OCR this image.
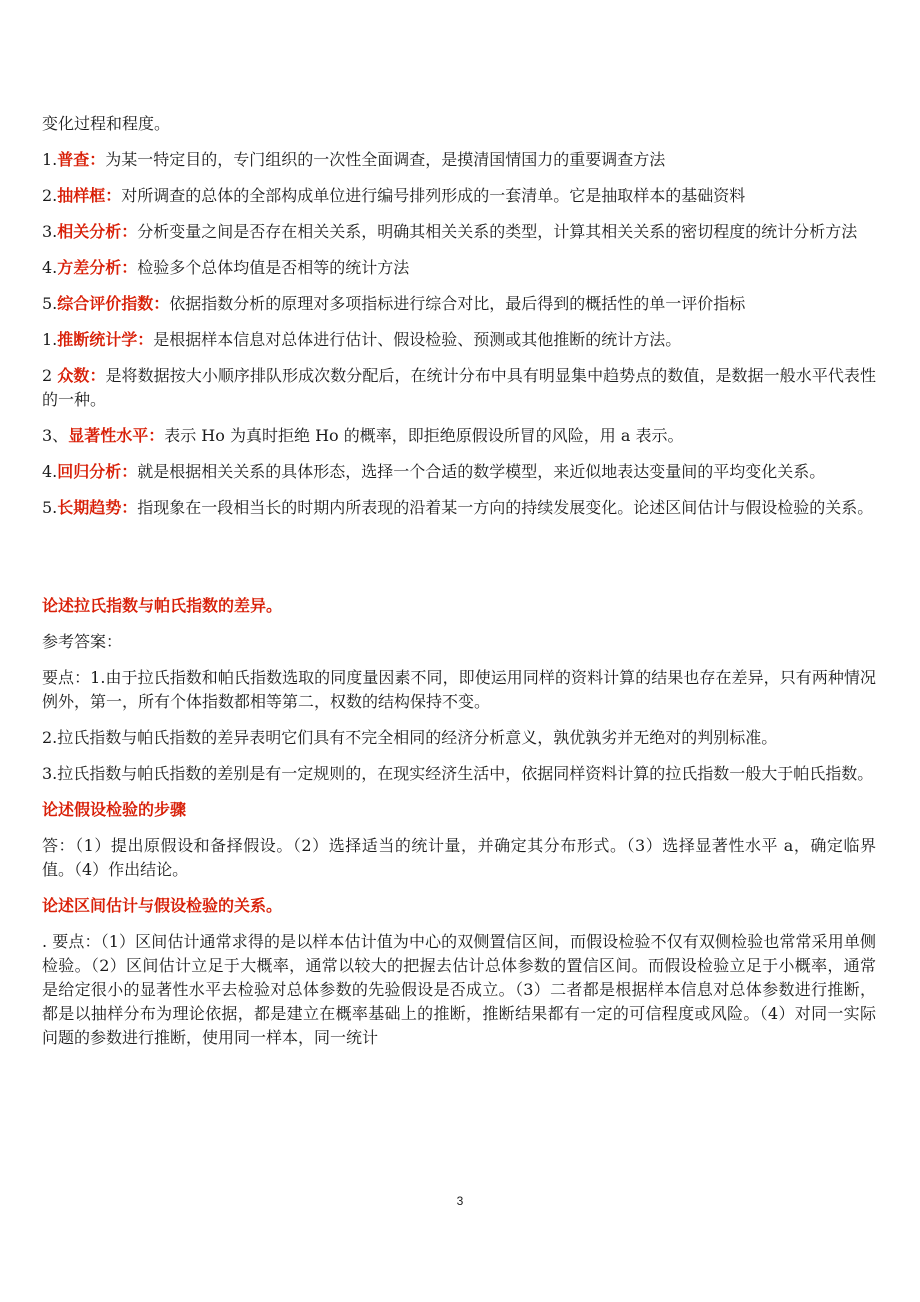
变化过程和程度。

1.普查：为某一特定目的，专门组织的一次性全面调查，是摸清国情国力的重要调查方法

2.抽样框：对所调查的总体的全部构成单位进行编号排列形成的一套清单。它是抽取样本的基础资料

3.相关分析：分析变量之间是否存在相关关系，明确其相关关系的类型，计算其相关关系的密切程度的统计分析方法

4.方差分析：检验多个总体均值是否相等的统计方法

5.综合评价指数：依据指数分析的原理对多项指标进行综合对比，最后得到的概括性的单一评价指标

1.推断统计学：是根据样本信息对总体进行估计、假设检验、预测或其他推断的统计方法。

2 众数：是将数据按大小顺序排队形成次数分配后，在统计分布中具有明显集中趋势点的数值，是数据一般水平代表性的一种。

3、显著性水平：表示 Ho 为真时拒绝 Ho 的概率，即拒绝原假设所冒的风险，用 a 表示。

4.回归分析：就是根据相关关系的具体形态，选择一个合适的数学模型，来近似地表达变量间的平均变化关系。

5.长期趋势：指现象在一段相当长的时期内所表现的沿着某一方向的持续发展变化。论述区间估计与假设检验的关系。

论述拉氏指数与帕氏指数的差异。

参考答案：

要点：1.由于拉氏指数和帕氏指数选取的同度量因素不同，即使运用同样的资料计算的结果也存在差异，只有两种情况例外，第一，所有个体指数都相等第二，权数的结构保持不变。

2.拉氏指数与帕氏指数的差异表明它们具有不完全相同的经济分析意义，孰优孰劣并无绝对的判别标准。

3.拉氏指数与帕氏指数的差别是有一定规则的，在现实经济生活中，依据同样资料计算的拉氏指数一般大于帕氏指数。

论述假设检验的步骤

答：（1）提出原假设和备择假设。（2）选择适当的统计量，并确定其分布形式。（3）选择显著性水平 a，确定临界值。（4）作出结论。

论述区间估计与假设检验的关系。

. 要点：（1）区间估计通常求得的是以样本估计值为中心的双侧置信区间，而假设检验不仅有双侧检验也常常采用单侧检验。（2）区间估计立足于大概率，通常以较大的把握去估计总体参数的置信区间。而假设检验立足于小概率，通常是给定很小的显著性水平去检验对总体参数的先验假设是否成立。（3）二者都是根据样本信息对总体参数进行推断，都是以抽样分布为理论依据，都是建立在概率基础上的推断，推断结果都有一定的可信程度或风险。（4）对同一实际问题的参数进行推断，使用同一样本，同一统计

3
